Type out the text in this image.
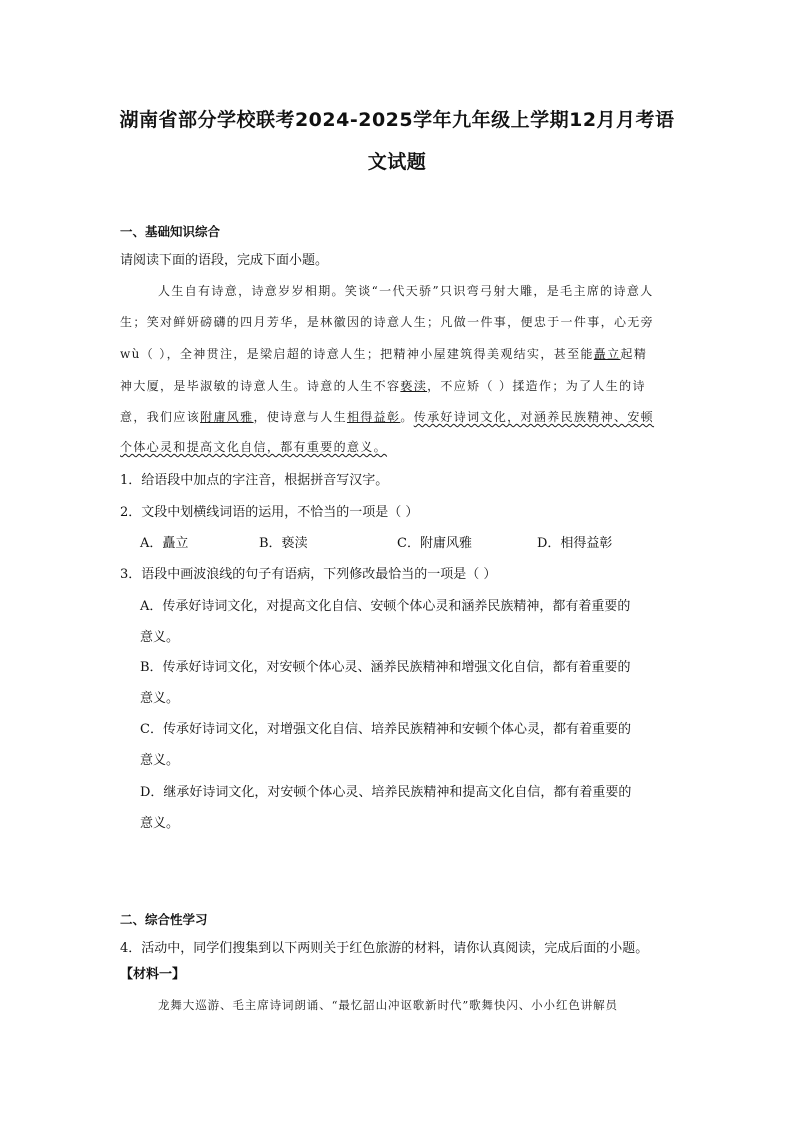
湖南省部分学校联考2024-2025学年九年级上学期12月月考语
文试题
一、基础知识综合
请阅读下面的语段，完成下面小题。
人生自有诗意，诗意岁岁相期。笑谈“一代天骄”只识弯弓射大雕，是毛主席的诗意人
生；笑对鲜妍磅礴的四月芳华，是林徽因的诗意人生；凡做一件事，便忠于一件事，心无旁
wù（ ），全神贯注，是梁启超的诗意人生；把精神小屋建筑得美观结实，甚至能矗立起精
神大厦，是毕淑敏的诗意人生。诗意的人生不容亵渎，不应矫（ ）揉造作；为了人生的诗
意，我们应该附庸风雅，使诗意与人生相得益彰。传承好诗词文化，对涵养民族精神、安顿
个体心灵和提高文化自信，都有重要的意义。
1．给语段中加点的字注音，根据拼音写汉字。
2．文段中划横线词语的运用，不恰当的一项是（ ）
A．矗立	B．亵渎	C．附庸风雅	D．相得益彰
3．语段中画波浪线的句子有语病，下列修改最恰当的一项是（ ）
A．传承好诗词文化，对提高文化自信、安顿个体心灵和涵养民族精神，都有着重要的
意义。
B．传承好诗词文化，对安顿个体心灵、涵养民族精神和增强文化自信，都有着重要的
意义。
C．传承好诗词文化，对增强文化自信、培养民族精神和安顿个体心灵，都有着重要的
意义。
D．继承好诗词文化，对安顿个体心灵、培养民族精神和提高文化自信，都有着重要的
意义。
二、综合性学习
4．活动中，同学们搜集到以下两则关于红色旅游的材料，请你认真阅读，完成后面的小题。
【材料一】
龙舞大巡游、毛主席诗词朗诵、“最忆韶山冲讴歌新时代”歌舞快闪、小小红色讲解员
